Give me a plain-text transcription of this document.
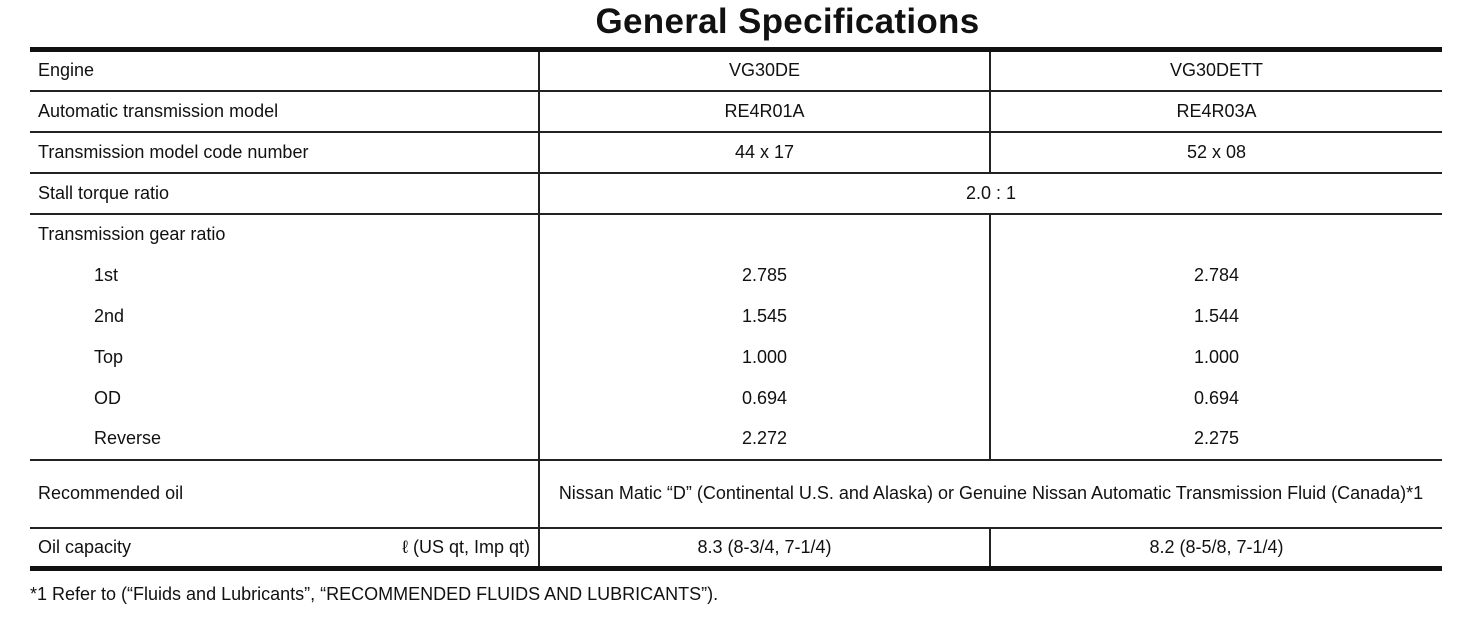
General Specifications
Engine	VG30DE	VG30DETT
Automatic transmission model	RE4R01A	RE4R03A
Transmission model code number	44 x 17	52 x 08
Stall torque ratio	2.0 : 1	
Transmission gear ratio		
1st	2.785	2.784
2nd	1.545	1.544
Top	1.000	1.000
OD	0.694	0.694
Reverse	2.272	2.275
Recommended oil	Nissan Matic “D” (Continental U.S. and Alaska) or Genuine Nissan Automatic Transmission Fluid (Canada)*1	
Oil capacity ℓ (US qt, Imp qt)	8.3 (8-3/4, 7-1/4)	8.2 (8-5/8, 7-1/4)
*1 Refer to (“Fluids and Lubricants”, “RECOMMENDED FLUIDS AND LUBRICANTS”).
